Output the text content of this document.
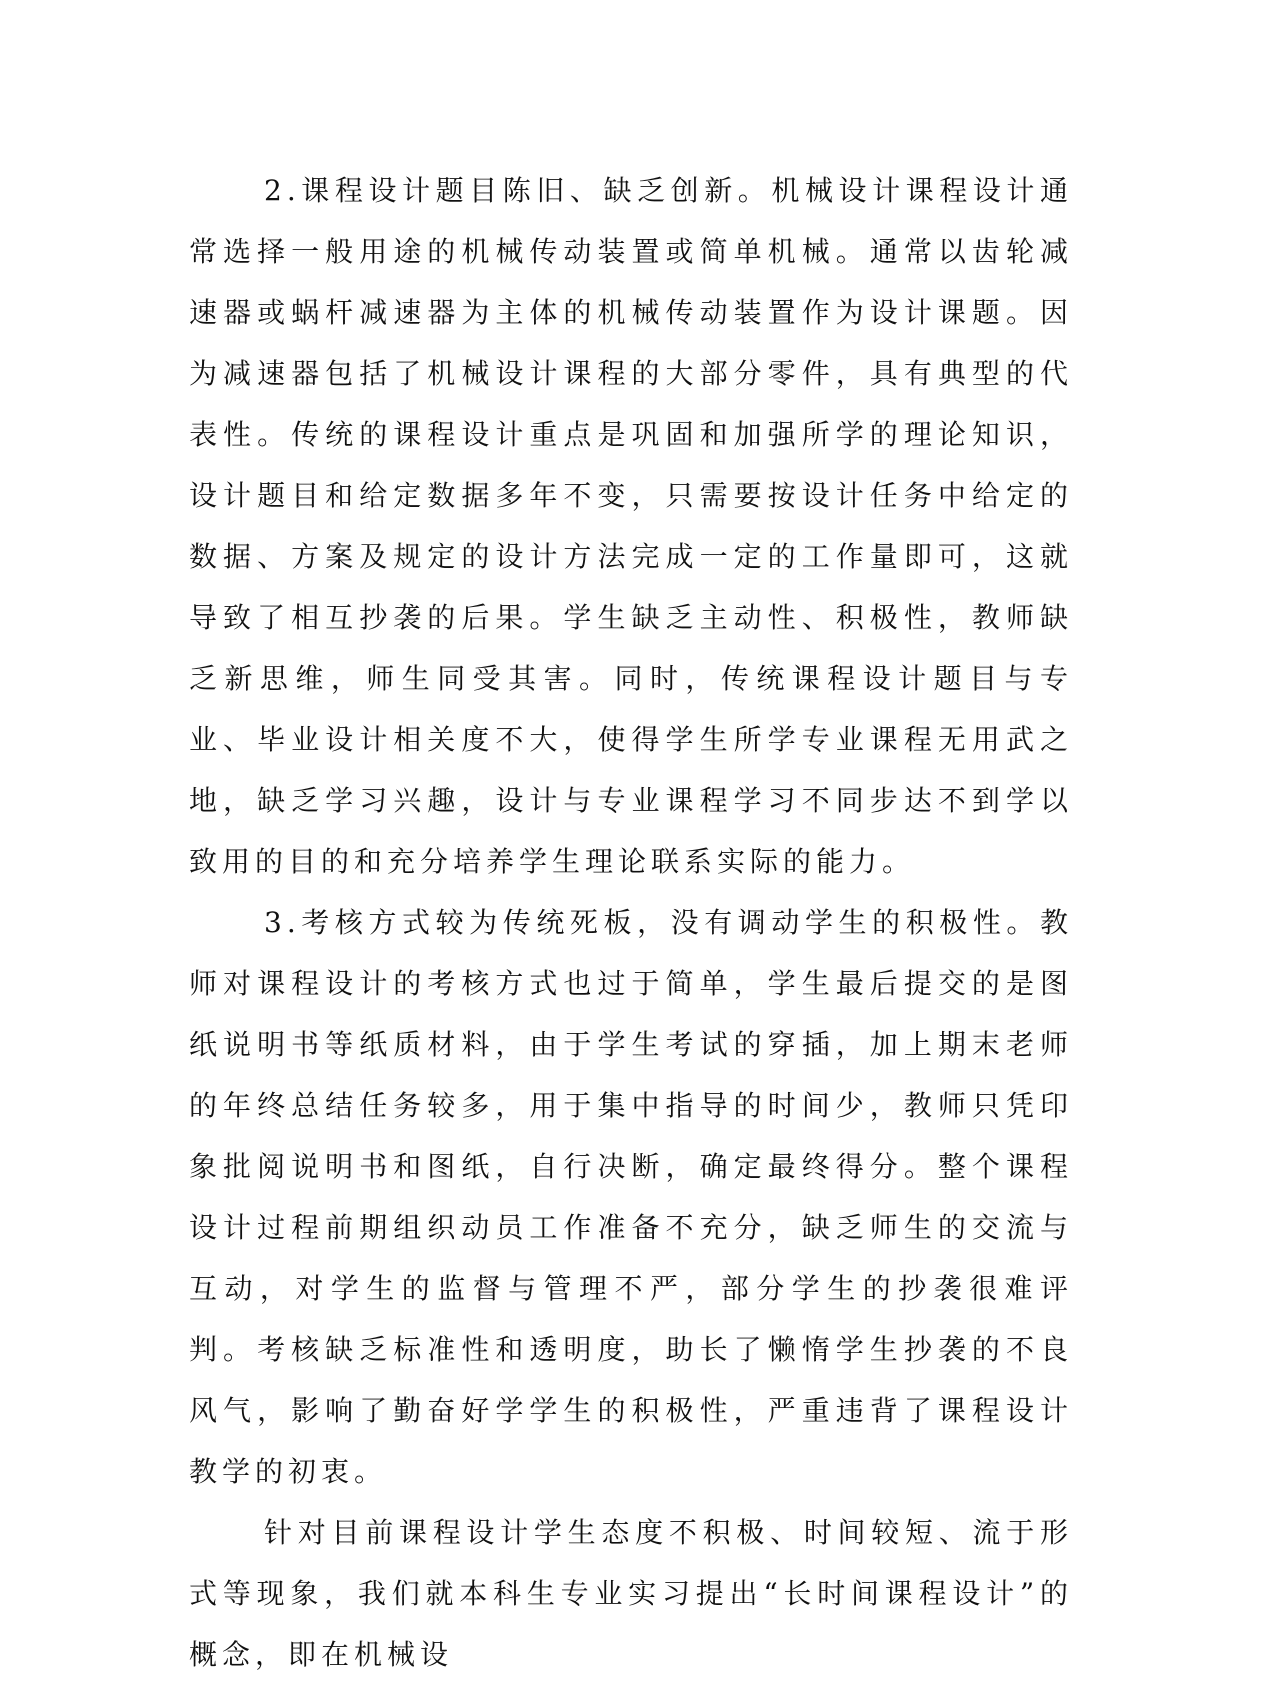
2.课程设计题目陈旧、缺乏创新。机械设计课程设计通常选择一般用途的机械传动装置或简单机械。通常以齿轮减速器或蜗杆减速器为主体的机械传动装置作为设计课题。因为减速器包括了机械设计课程的大部分零件，具有典型的代表性。传统的课程设计重点是巩固和加强所学的理论知识，设计题目和给定数据多年不变，只需要按设计任务中给定的数据、方案及规定的设计方法完成一定的工作量即可，这就导致了相互抄袭的后果。学生缺乏主动性、积极性，教师缺乏新思维，师生同受其害。同时，传统课程设计题目与专业、毕业设计相关度不大，使得学生所学专业课程无用武之地，缺乏学习兴趣，设计与专业课程学习不同步达不到学以致用的目的和充分培养学生理论联系实际的能力。

3.考核方式较为传统死板，没有调动学生的积极性。教师对课程设计的考核方式也过于简单，学生最后提交的是图纸说明书等纸质材料，由于学生考试的穿插，加上期末老师的年终总结任务较多，用于集中指导的时间少，教师只凭印象批阅说明书和图纸，自行决断，确定最终得分。整个课程设计过程前期组织动员工作准备不充分，缺乏师生的交流与互动，对学生的监督与管理不严，部分学生的抄袭很难评判。考核缺乏标准性和透明度，助长了懒惰学生抄袭的不良风气，影响了勤奋好学学生的积极性，严重违背了课程设计教学的初衷。

针对目前课程设计学生态度不积极、时间较短、流于形式等现象，我们就本科生专业实习提出“长时间课程设计”的概念，即在机械设
